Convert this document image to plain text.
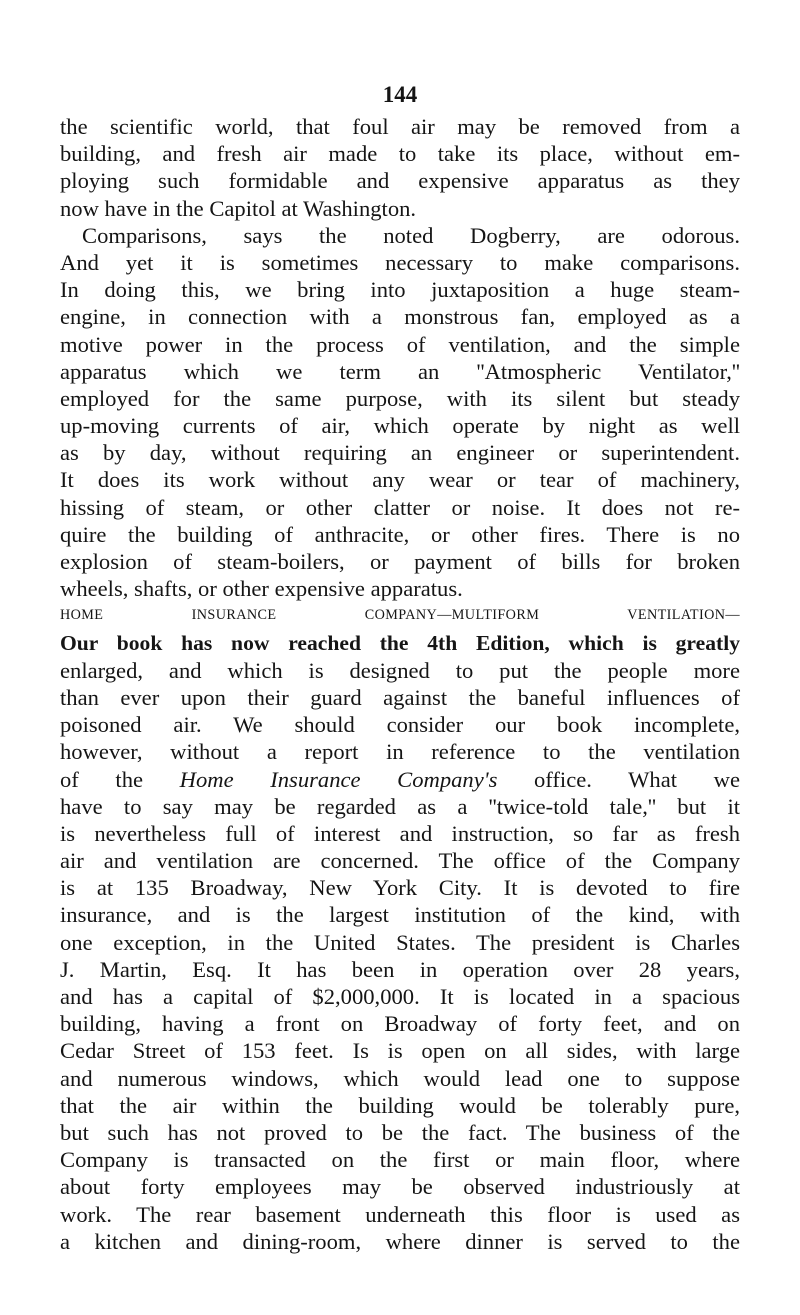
144
the scientific world, that foul air may be removed from a
building, and fresh air made to take its place, without em-
ploying such formidable and expensive apparatus as they
now have in the Capitol at Washington.
Comparisons, says the noted Dogberry, are odorous.
And yet it is sometimes necessary to make comparisons.
In doing this, we bring into juxtaposition a huge steam-
engine, in connection with a monstrous fan, employed as a
motive power in the process of ventilation, and the simple
apparatus which we term an ''Atmospheric Ventilator,''
employed for the same purpose, with its silent but steady
up-moving currents of air, which operate by night as well
as by day, without requiring an engineer or superintendent.
It does its work without any wear or tear of machinery,
hissing of steam, or other clatter or noise. It does not re-
quire the building of anthracite, or other fires. There is no
explosion of steam-boilers, or payment of bills for broken
wheels, shafts, or other expensive apparatus.
HOME INSURANCE COMPANY—MULTIFORM VENTILATION—
Our book has now reached the 4th Edition, which is greatly
enlarged, and which is designed to put the people more
than ever upon their guard against the baneful influences of
poisoned air. We should consider our book incomplete,
however, without a report in reference to the ventilation
of the Home Insurance Company's office. What we
have to say may be regarded as a ''twice-told tale,'' but it
is nevertheless full of interest and instruction, so far as fresh
air and ventilation are concerned. The office of the Company
is at 135 Broadway, New York City. It is devoted to fire
insurance, and is the largest institution of the kind, with
one exception, in the United States. The president is Charles
J. Martin, Esq. It has been in operation over 28 years,
and has a capital of $2,000,000. It is located in a spacious
building, having a front on Broadway of forty feet, and on
Cedar Street of 153 feet. Is is open on all sides, with large
and numerous windows, which would lead one to suppose
that the air within the building would be tolerably pure,
but such has not proved to be the fact. The business of the
Company is transacted on the first or main floor, where
about forty employees may be observed industriously at
work. The rear basement underneath this floor is used as
a kitchen and dining-room, where dinner is served to the
